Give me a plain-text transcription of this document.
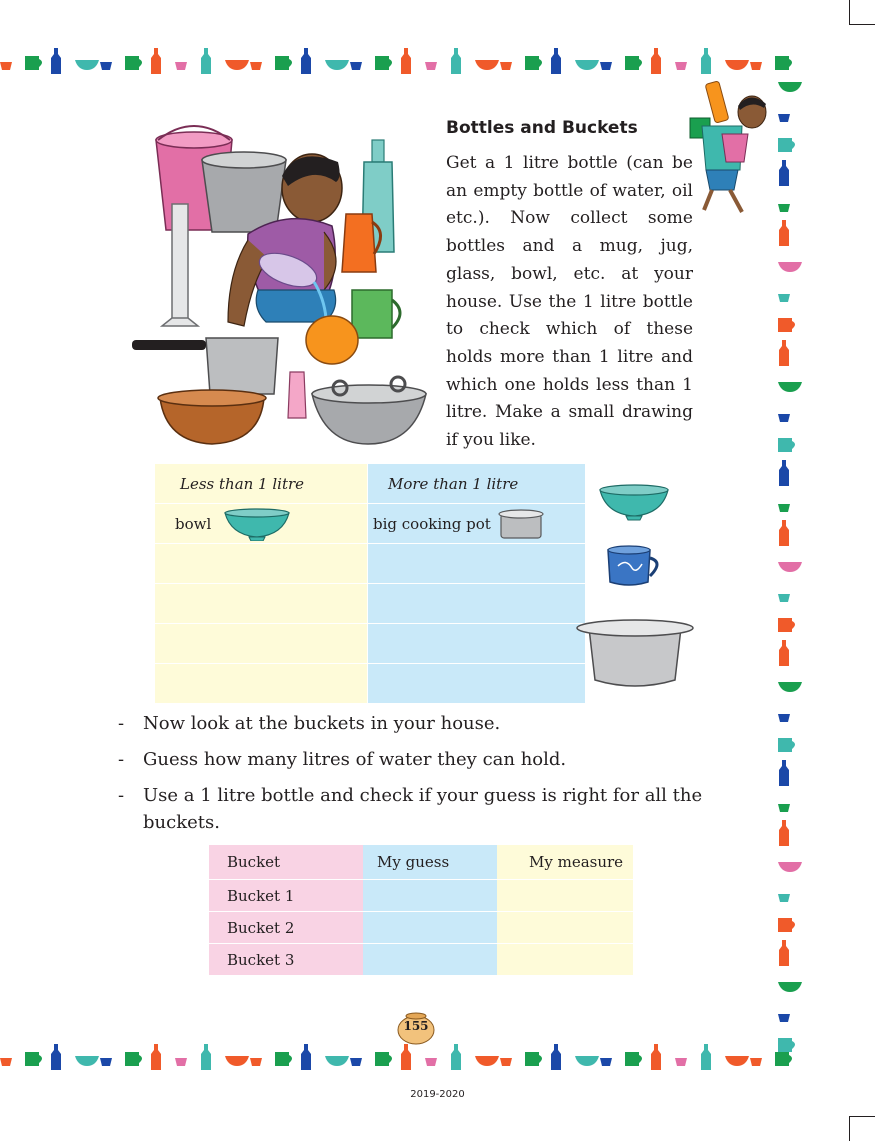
Bottles and Buckets
Get a 1 litre bottle (can be an empty bottle of water, oil etc.). Now collect some bottles and a mug, jug, glass, bowl, etc. at your house. Use the 1 litre bottle to check which of these holds more than 1 litre and which one holds less than 1 litre. Make a small drawing if you like.
Less than 1 litre	More than 1 litre

bowl	big cooking pot

- Now look at the buckets in your house.
- Guess how many litres of water they can hold.
- Use a 1 litre bottle and check if your guess is right for all the buckets.
Bucket	My guess	My measure
Bucket 1		
Bucket 2		
Bucket 3		
155
2019-2020
